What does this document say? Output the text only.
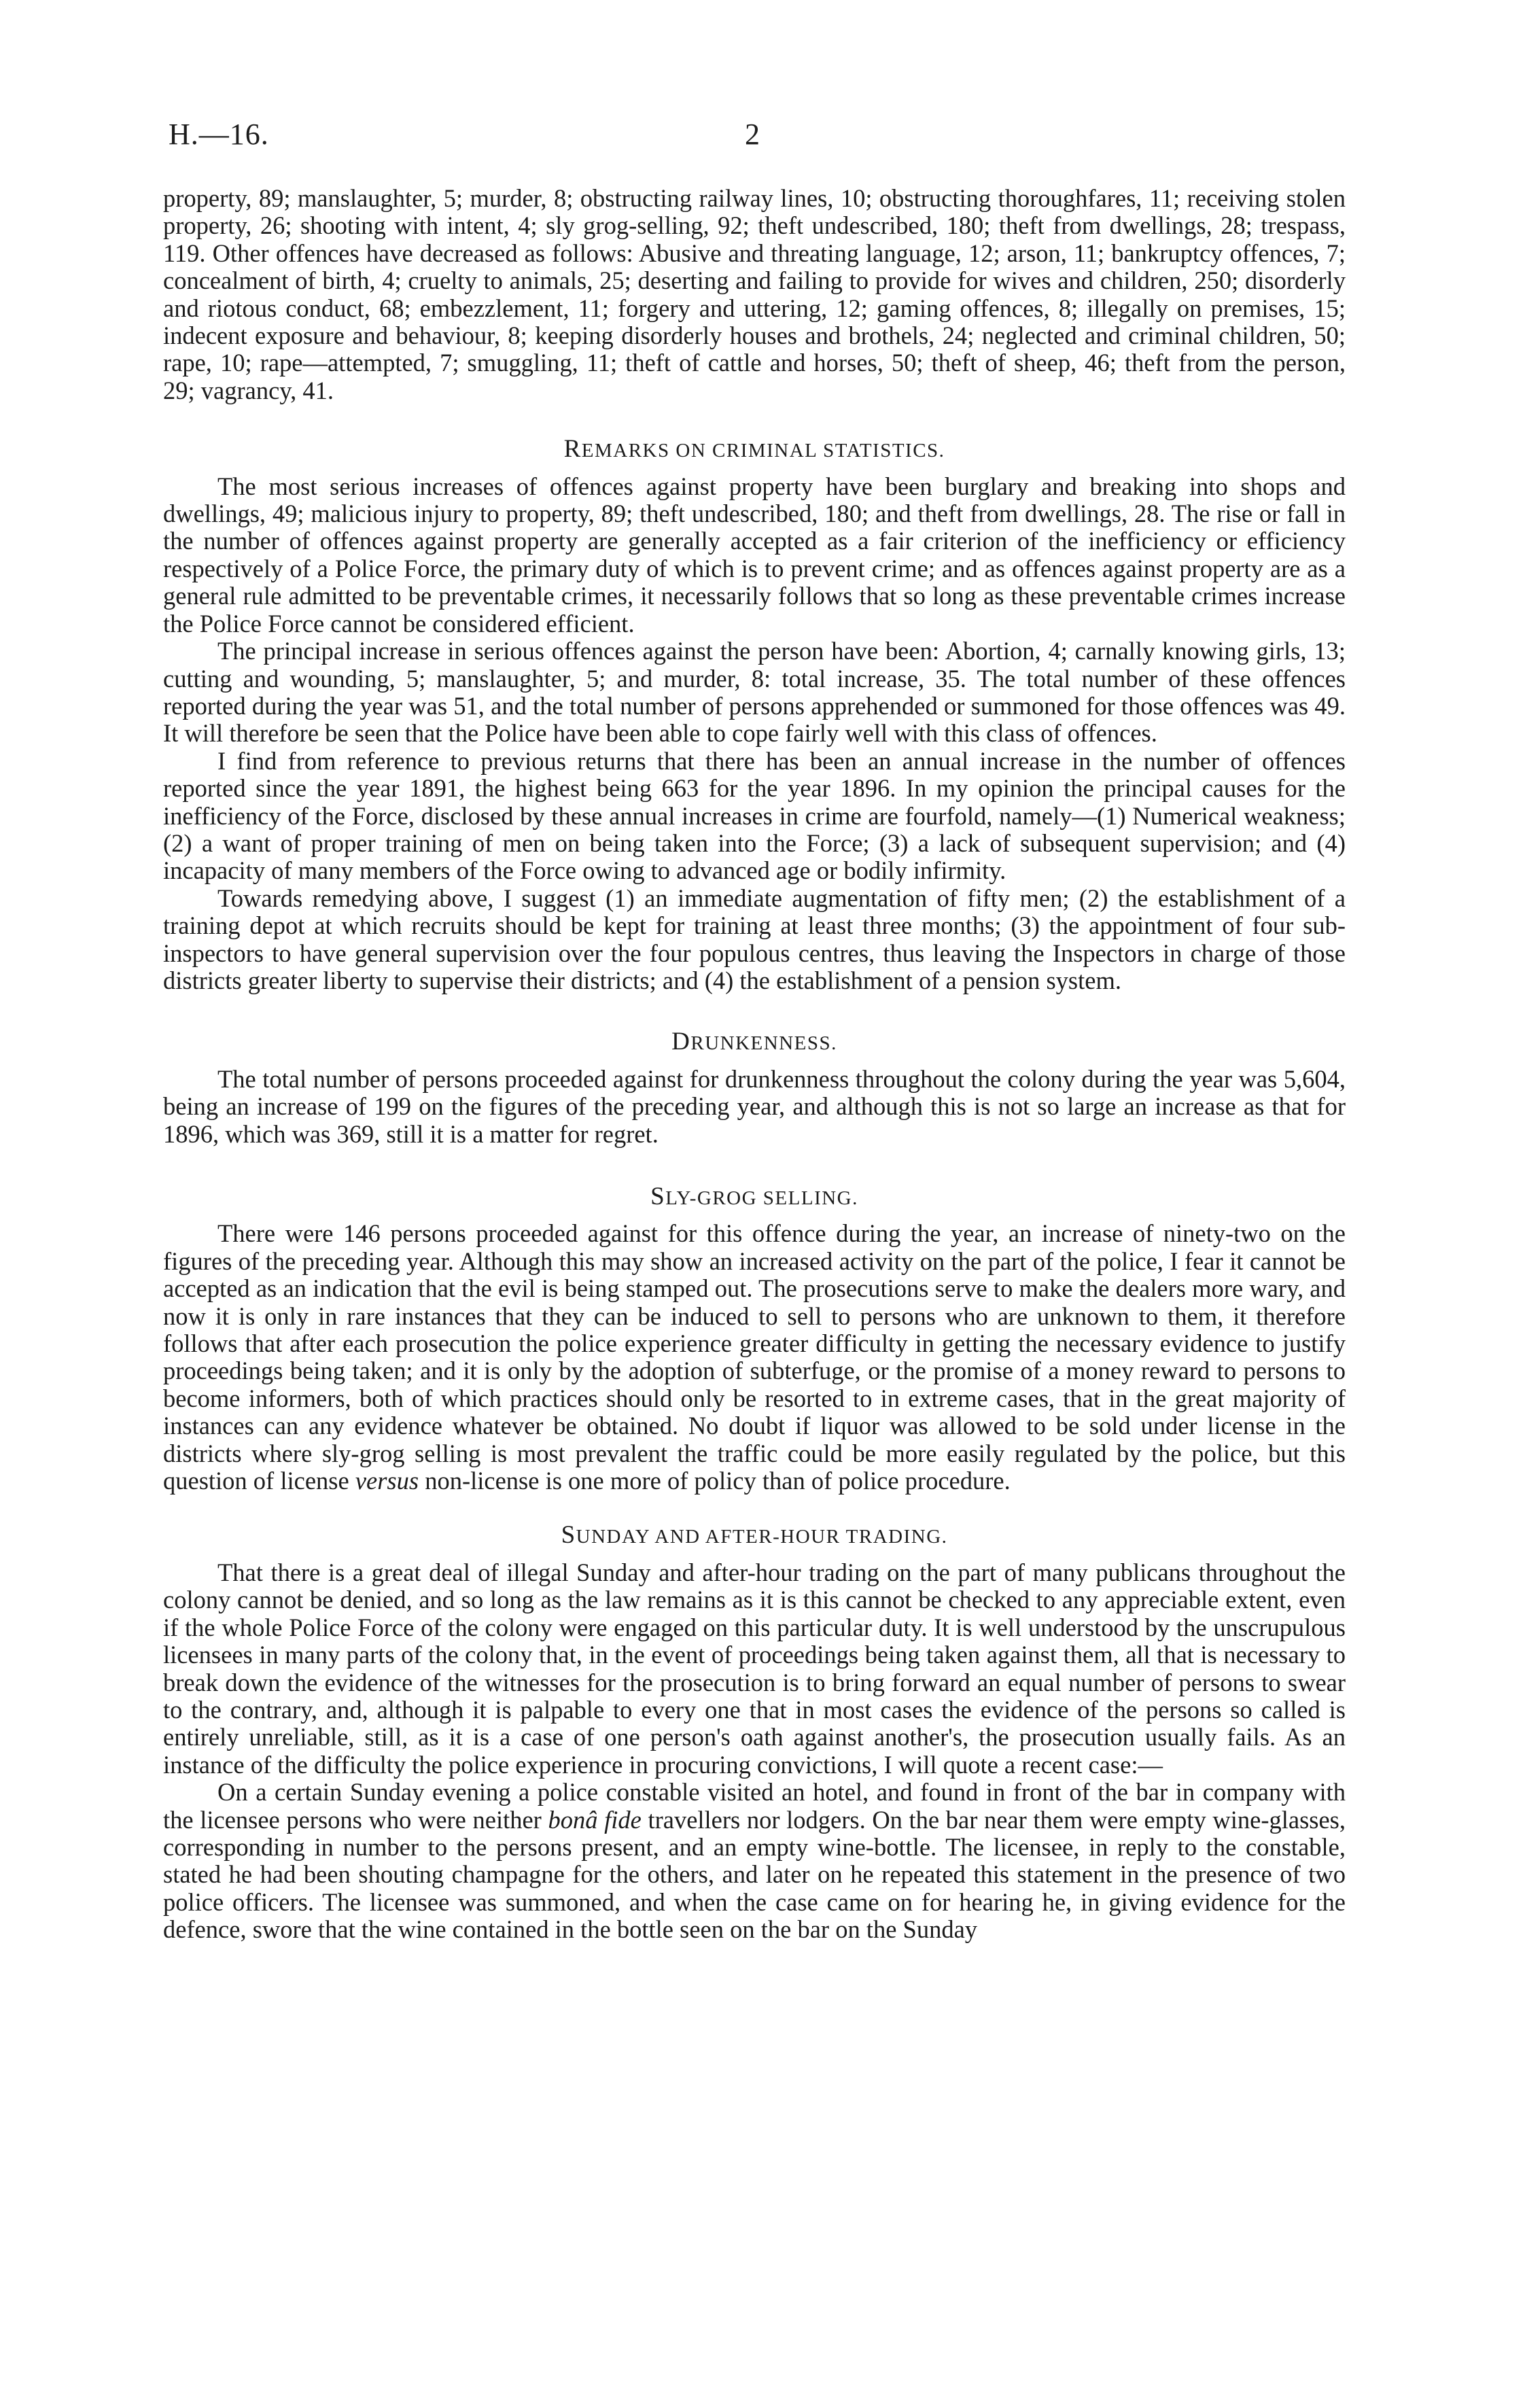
H.—16.	2

property, 89; manslaughter, 5; murder, 8; obstructing railway lines, 10; obstructing thoroughfares, 11; receiving stolen property, 26; shooting with intent, 4; sly grog-selling, 92; theft undescribed, 180; theft from dwellings, 28; trespass, 119. Other offences have decreased as follows: Abusive and threating language, 12; arson, 11; bankruptcy offences, 7; concealment of birth, 4; cruelty to animals, 25; deserting and failing to provide for wives and children, 250; disorderly and riotous conduct, 68; embezzlement, 11; forgery and uttering, 12; gaming offences, 8; illegally on premises, 15; indecent exposure and behaviour, 8; keeping disorderly houses and brothels, 24; neglected and criminal children, 50; rape, 10; rape—attempted, 7; smuggling, 11; theft of cattle and horses, 50; theft of sheep, 46; theft from the person, 29; vagrancy, 41.

REMARKS ON CRIMINAL STATISTICS.

The most serious increases of offences against property have been burglary and breaking into shops and dwellings, 49; malicious injury to property, 89; theft undescribed, 180; and theft from dwellings, 28. The rise or fall in the number of offences against property are generally accepted as a fair criterion of the inefficiency or efficiency respectively of a Police Force, the primary duty of which is to prevent crime; and as offences against property are as a general rule admitted to be preventable crimes, it necessarily follows that so long as these preventable crimes increase the Police Force cannot be considered efficient.

The principal increase in serious offences against the person have been: Abortion, 4; carnally knowing girls, 13; cutting and wounding, 5; manslaughter, 5; and murder, 8: total increase, 35. The total number of these offences reported during the year was 51, and the total number of persons apprehended or summoned for those offences was 49. It will therefore be seen that the Police have been able to cope fairly well with this class of offences.

I find from reference to previous returns that there has been an annual increase in the number of offences reported since the year 1891, the highest being 663 for the year 1896. In my opinion the principal causes for the inefficiency of the Force, disclosed by these annual increases in crime are fourfold, namely—(1) Numerical weakness; (2) a want of proper training of men on being taken into the Force; (3) a lack of subsequent supervision; and (4) incapacity of many members of the Force owing to advanced age or bodily infirmity.

Towards remedying above, I suggest (1) an immediate augmentation of fifty men; (2) the establishment of a training depot at which recruits should be kept for training at least three months; (3) the appointment of four sub-inspectors to have general supervision over the four populous centres, thus leaving the Inspectors in charge of those districts greater liberty to supervise their districts; and (4) the establishment of a pension system.

DRUNKENNESS.

The total number of persons proceeded against for drunkenness throughout the colony during the year was 5,604, being an increase of 199 on the figures of the preceding year, and although this is not so large an increase as that for 1896, which was 369, still it is a matter for regret.

SLY-GROG SELLING.

There were 146 persons proceeded against for this offence during the year, an increase of ninety-two on the figures of the preceding year. Although this may show an increased activity on the part of the police, I fear it cannot be accepted as an indication that the evil is being stamped out. The prosecutions serve to make the dealers more wary, and now it is only in rare instances that they can be induced to sell to persons who are unknown to them, it therefore follows that after each prosecution the police experience greater difficulty in getting the necessary evidence to justify proceedings being taken; and it is only by the adoption of subterfuge, or the promise of a money reward to persons to become informers, both of which practices should only be resorted to in extreme cases, that in the great majority of instances can any evidence whatever be obtained. No doubt if liquor was allowed to be sold under license in the districts where sly-grog selling is most prevalent the traffic could be more easily regulated by the police, but this question of license versus non-license is one more of policy than of police procedure.

SUNDAY AND AFTER-HOUR TRADING.

That there is a great deal of illegal Sunday and after-hour trading on the part of many publicans throughout the colony cannot be denied, and so long as the law remains as it is this cannot be checked to any appreciable extent, even if the whole Police Force of the colony were engaged on this particular duty. It is well understood by the unscrupulous licensees in many parts of the colony that, in the event of proceedings being taken against them, all that is necessary to break down the evidence of the witnesses for the prosecution is to bring forward an equal number of persons to swear to the contrary, and, although it is palpable to every one that in most cases the evidence of the persons so called is entirely unreliable, still, as it is a case of one person's oath against another's, the prosecution usually fails. As an instance of the difficulty the police experience in procuring convictions, I will quote a recent case:—

On a certain Sunday evening a police constable visited an hotel, and found in front of the bar in company with the licensee persons who were neither bonâ fide travellers nor lodgers. On the bar near them were empty wine-glasses, corresponding in number to the persons present, and an empty wine-bottle. The licensee, in reply to the constable, stated he had been shouting champagne for the others, and later on he repeated this statement in the presence of two police officers. The licensee was summoned, and when the case came on for hearing he, in giving evidence for the defence, swore that the wine contained in the bottle seen on the bar on the Sunday
